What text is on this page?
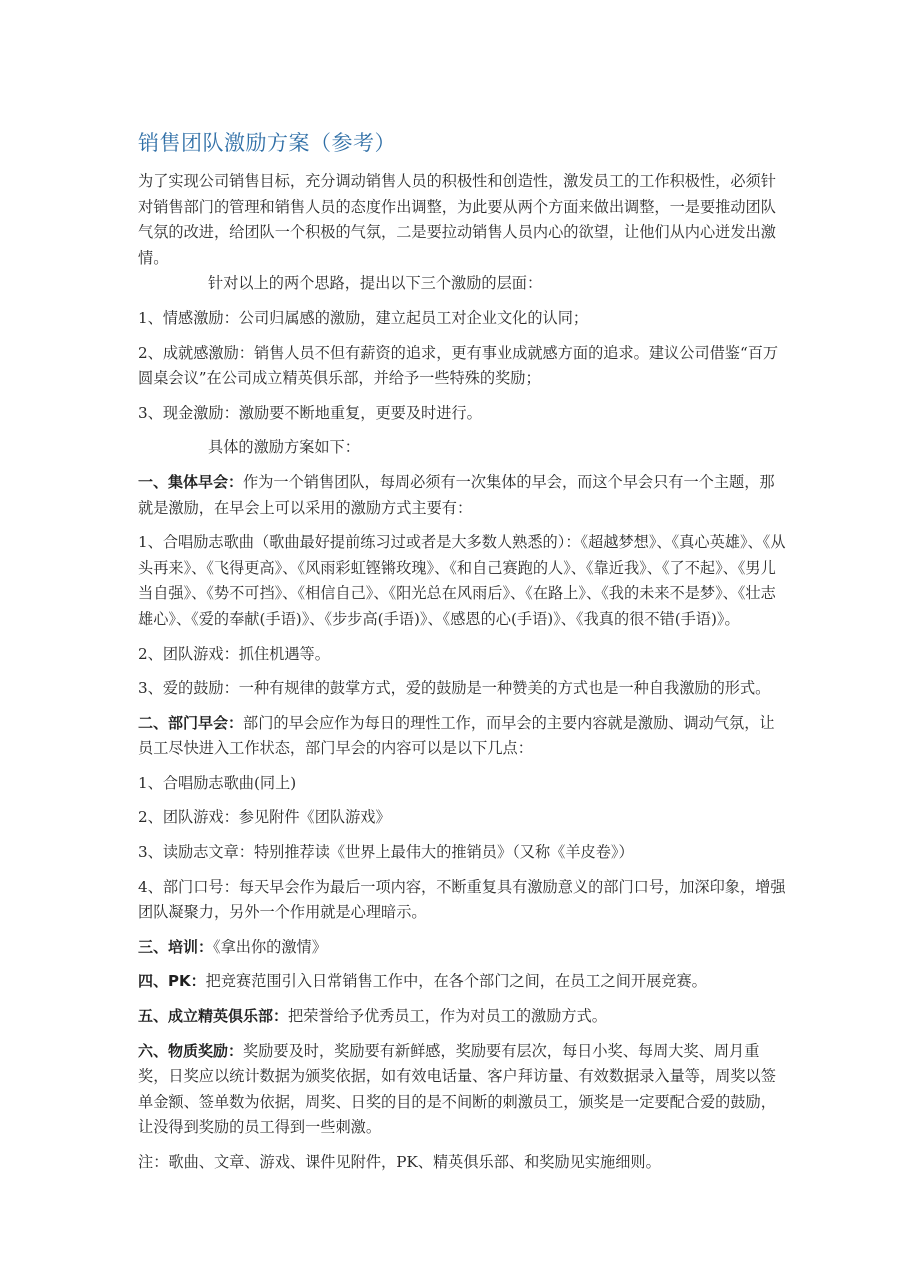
销售团队激励方案（参考）

为了实现公司销售目标，充分调动销售人员的积极性和创造性，激发员工的工作积极性，必须针对销售部门的管理和销售人员的态度作出调整，为此要从两个方面来做出调整，一是要推动团队气氛的改进，给团队一个积极的气氛，二是要拉动销售人员内心的欲望，让他们从内心迸发出激情。

针对以上的两个思路，提出以下三个激励的层面：

1、情感激励：公司归属感的激励，建立起员工对企业文化的认同；

2、成就感激励：销售人员不但有薪资的追求，更有事业成就感方面的追求。建议公司借鉴“百万圆桌会议”在公司成立精英俱乐部，并给予一些特殊的奖励；

3、现金激励：激励要不断地重复，更要及时进行。

具体的激励方案如下：

一、集体早会：作为一个销售团队，每周必须有一次集体的早会，而这个早会只有一个主题，那就是激励，在早会上可以采用的激励方式主要有：

1、合唱励志歌曲（歌曲最好提前练习过或者是大多数人熟悉的）：《超越梦想》、《真心英雄》、《从头再来》、《飞得更高》、《风雨彩虹铿锵玫瑰》、《和自己赛跑的人》、《靠近我》、《了不起》、《男儿当自强》、《势不可挡》、《相信自己》、《阳光总在风雨后》、《在路上》、《我的未来不是梦》、《壮志雄心》、《爱的奉献(手语)》、《步步高(手语)》、《感恩的心(手语)》、《我真的很不错(手语)》。

2、团队游戏：抓住机遇等。

3、爱的鼓励：一种有规律的鼓掌方式，爱的鼓励是一种赞美的方式也是一种自我激励的形式。

二、部门早会：部门的早会应作为每日的理性工作，而早会的主要内容就是激励、调动气氛，让员工尽快进入工作状态，部门早会的内容可以是以下几点：

1、合唱励志歌曲(同上)

2、团队游戏：参见附件《团队游戏》

3、读励志文章：特别推荐读《世界上最伟大的推销员》（又称《羊皮卷》）

4、部门口号：每天早会作为最后一项内容，不断重复具有激励意义的部门口号，加深印象，增强团队凝聚力，另外一个作用就是心理暗示。

三、培训：《拿出你的激情》

四、PK：把竞赛范围引入日常销售工作中，在各个部门之间，在员工之间开展竞赛。

五、成立精英俱乐部：把荣誉给予优秀员工，作为对员工的激励方式。

六、物质奖励：奖励要及时，奖励要有新鲜感，奖励要有层次，每日小奖、每周大奖、周月重奖，日奖应以统计数据为颁奖依据，如有效电话量、客户拜访量、有效数据录入量等，周奖以签单金额、签单数为依据，周奖、日奖的目的是不间断的刺激员工，颁奖是一定要配合爱的鼓励，让没得到奖励的员工得到一些刺激。

注：歌曲、文章、游戏、课件见附件，PK、精英俱乐部、和奖励见实施细则。
